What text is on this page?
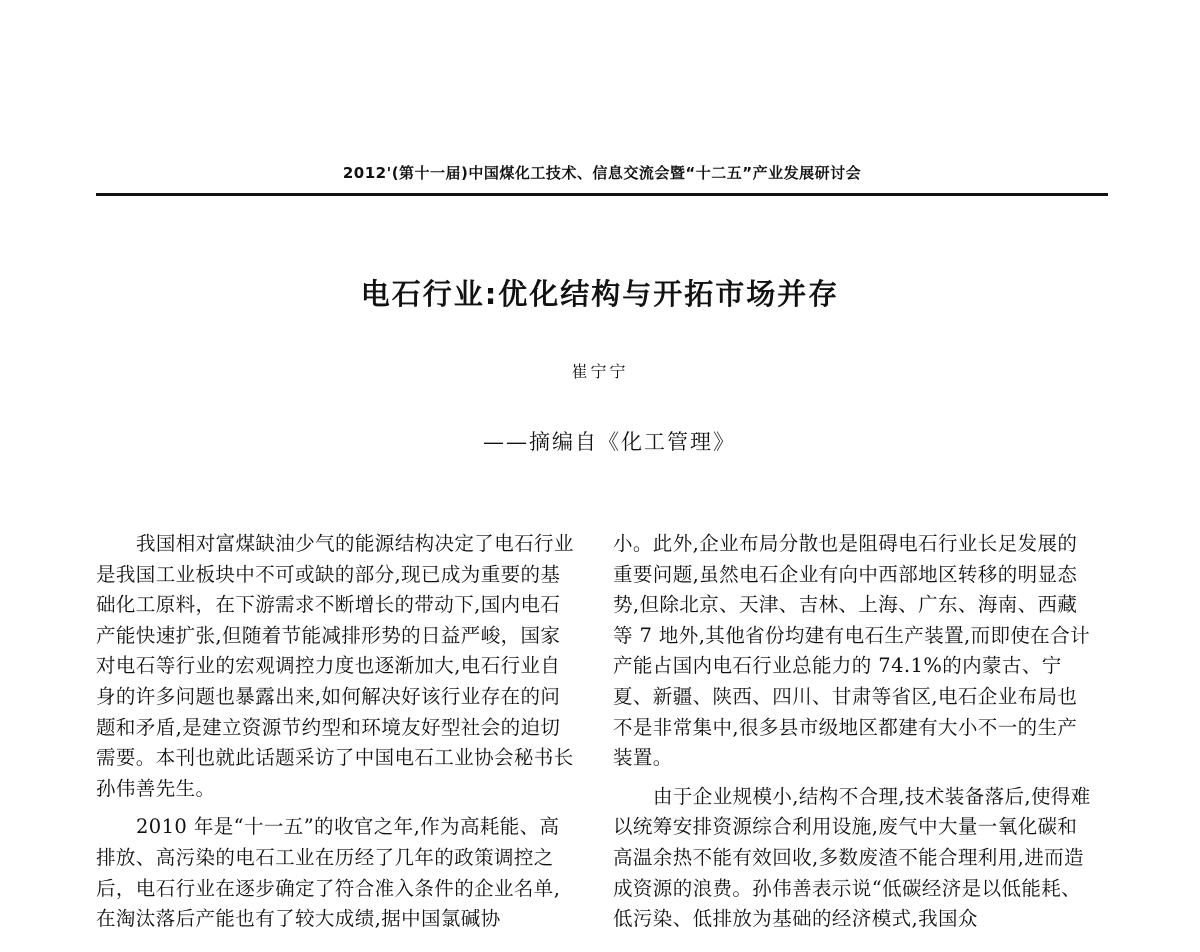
2012'(第十一届)中国煤化工技术、信息交流会暨“十二五”产业发展研讨会
电石行业:优化结构与开拓市场并存
崔宁宁
——摘编自《化工管理》

我国相对富煤缺油少气的能源结构决定了电石行业是我国工业板块中不可或缺的部分,现已成为重要的基础化工原料，在下游需求不断增长的带动下,国内电石产能快速扩张,但随着节能减排形势的日益严峻，国家对电石等行业的宏观调控力度也逐渐加大,电石行业自身的许多问题也暴露出来,如何解决好该行业存在的问题和矛盾,是建立资源节约型和环境友好型社会的迫切需要。本刊也就此话题采访了中国电石工业协会秘书长孙伟善先生。

2010 年是“十一五”的收官之年,作为高耗能、高排放、高污染的电石工业在历经了几年的政策调控之后，电石行业在逐步确定了符合准入条件的企业名单,在淘汰落后产能也有了较大成绩,据中国氯碱协

小。此外,企业布局分散也是阻碍电石行业长足发展的重要问题,虽然电石企业有向中西部地区转移的明显态势,但除北京、天津、吉林、上海、广东、海南、西藏等 7 地外,其他省份均建有电石生产装置,而即使在合计产能占国内电石行业总能力的 74.1%的内蒙古、宁夏、新疆、陕西、四川、甘肃等省区,电石企业布局也不是非常集中,很多县市级地区都建有大小不一的生产装置。

由于企业规模小,结构不合理,技术装备落后,使得难以统筹安排资源综合利用设施,废气中大量一氧化碳和高温余热不能有效回收,多数废渣不能合理利用,进而造成资源的浪费。孙伟善表示说“低碳经济是以低能耗、低污染、低排放为基础的经济模式,我国众
